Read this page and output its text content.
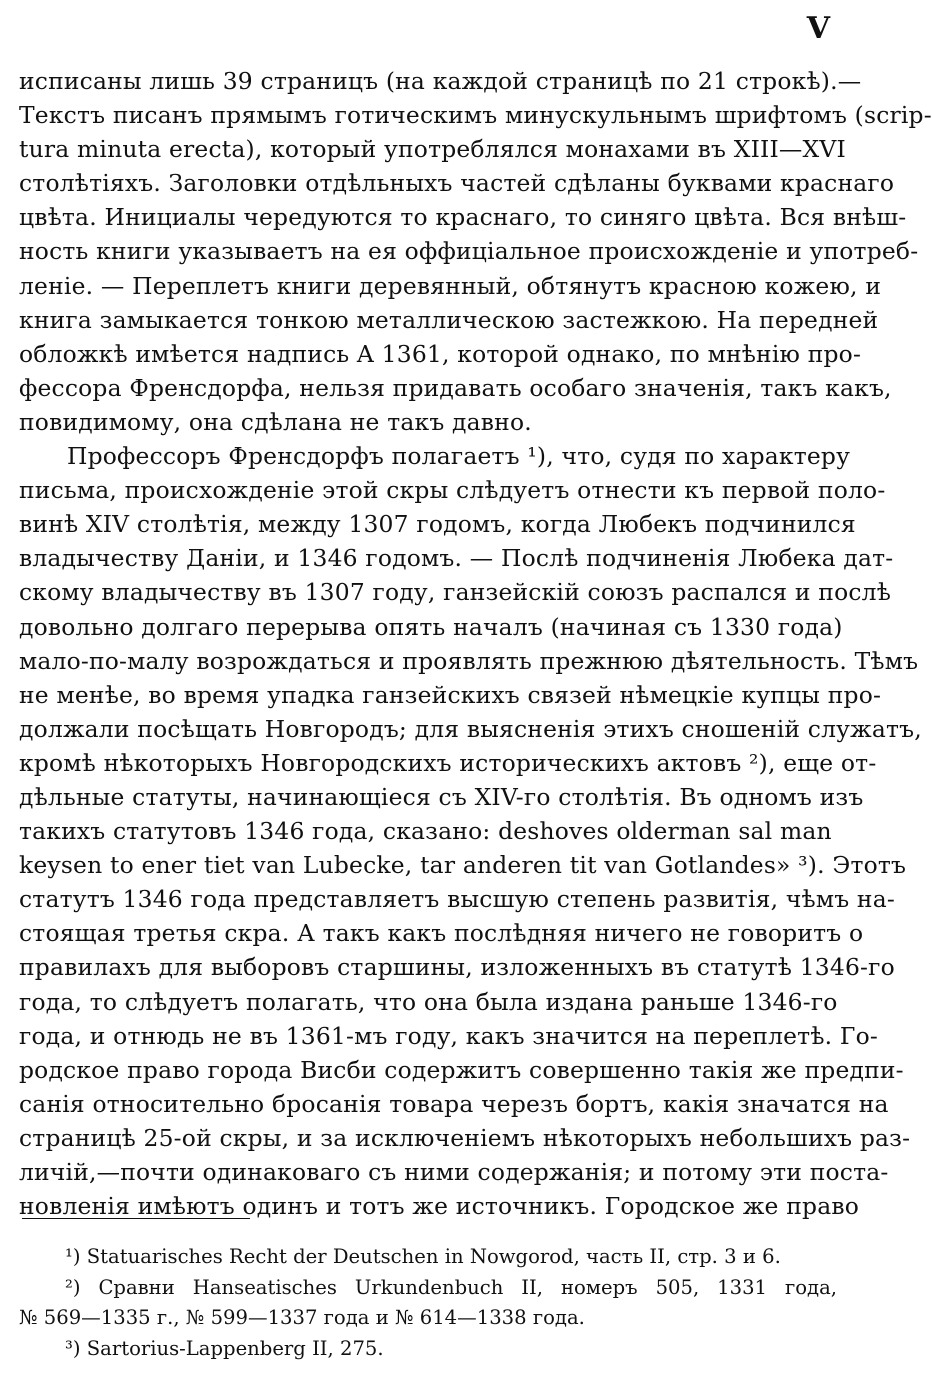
V
исписаны лишь 39 страницъ (на каждой страницѣ по 21 строкѣ).—
Текстъ писанъ прямымъ готическимъ минускульнымъ шрифтомъ (scrip-
tura minuta erecta), который употреблялся монахами въ XIII—XVI
столѣтіяхъ. Заголовки отдѣльныхъ частей сдѣланы буквами краснаго
цвѣта. Инициалы чередуются то краснаго, то синяго цвѣта. Вся внѣш-
ность книги указываетъ на ея оффиціальное происхожденіе и употреб-
леніе. — Переплетъ книги деревянный, обтянутъ красною кожею, и
книга замыкается тонкою металлическою застежкою. На передней
обложкѣ имѣется надпись A 1361, которой однако, по мнѣнію про-
фессора Френсдорфа, нельзя придавать особаго значенія, такъ какъ,
повидимому, она сдѣлана не такъ давно.
Профессоръ Френсдорфъ полагаетъ ¹), что, судя по характеру
письма, происхожденіе этой скры слѣдуетъ отнести къ первой поло-
винѣ XIV столѣтія, между 1307 годомъ, когда Любекъ подчинился
владычеству Даніи, и 1346 годомъ. — Послѣ подчиненія Любека дат-
скому владычеству въ 1307 году, ганзейскій союзъ распался и послѣ
довольно долгаго перерыва опять началъ (начиная съ 1330 года)
мало-по-малу возрождаться и проявлять прежнюю дѣятельность. Тѣмъ
не менѣе, во время упадка ганзейскихъ связей нѣмецкіе купцы про-
должали посѣщать Новгородъ; для выясненія этихъ сношеній служатъ,
кромѣ нѣкоторыхъ Новгородскихъ историческихъ актовъ ²), еще от-
дѣльные статуты, начинающіеся съ XIV-го столѣтія. Въ одномъ изъ
такихъ статутовъ 1346 года, сказано: deshoves olderman sal man
keysen to ener tiet van Lubecke, tar anderen tit van Gotlandes» ³). Этотъ
статутъ 1346 года представляетъ высшую степень развитія, чѣмъ на-
стоящая третья скра. А такъ какъ послѣдняя ничего не говоритъ о
правилахъ для выборовъ старшины, изложенныхъ въ статутѣ 1346-го
года, то слѣдуетъ полагать, что она была издана раньше 1346-го
года, и отнюдь не въ 1361-мъ году, какъ значится на переплетѣ. Го-
родское право города Висби содержитъ совершенно такія же предпи-
санія относительно бросанія товара черезъ бортъ, какія значатся на
страницѣ 25-ой скры, и за исключеніемъ нѣкоторыхъ небольшихъ раз-
личій,—почти одинаковаго съ ними содержанія; и потому эти поста-
новленія имѣютъ одинъ и тотъ же источникъ. Городское же право
¹) Statuarisches Recht der Deutschen in Nowgorod, часть II, стр. 3 и 6.
²) Сравни Hanseatisches Urkundenbuch II, номеръ 505, 1331 года,
№ 569—1335 г., № 599—1337 года и № 614—1338 года.
³) Sartorius-Lappenberg II, 275.
